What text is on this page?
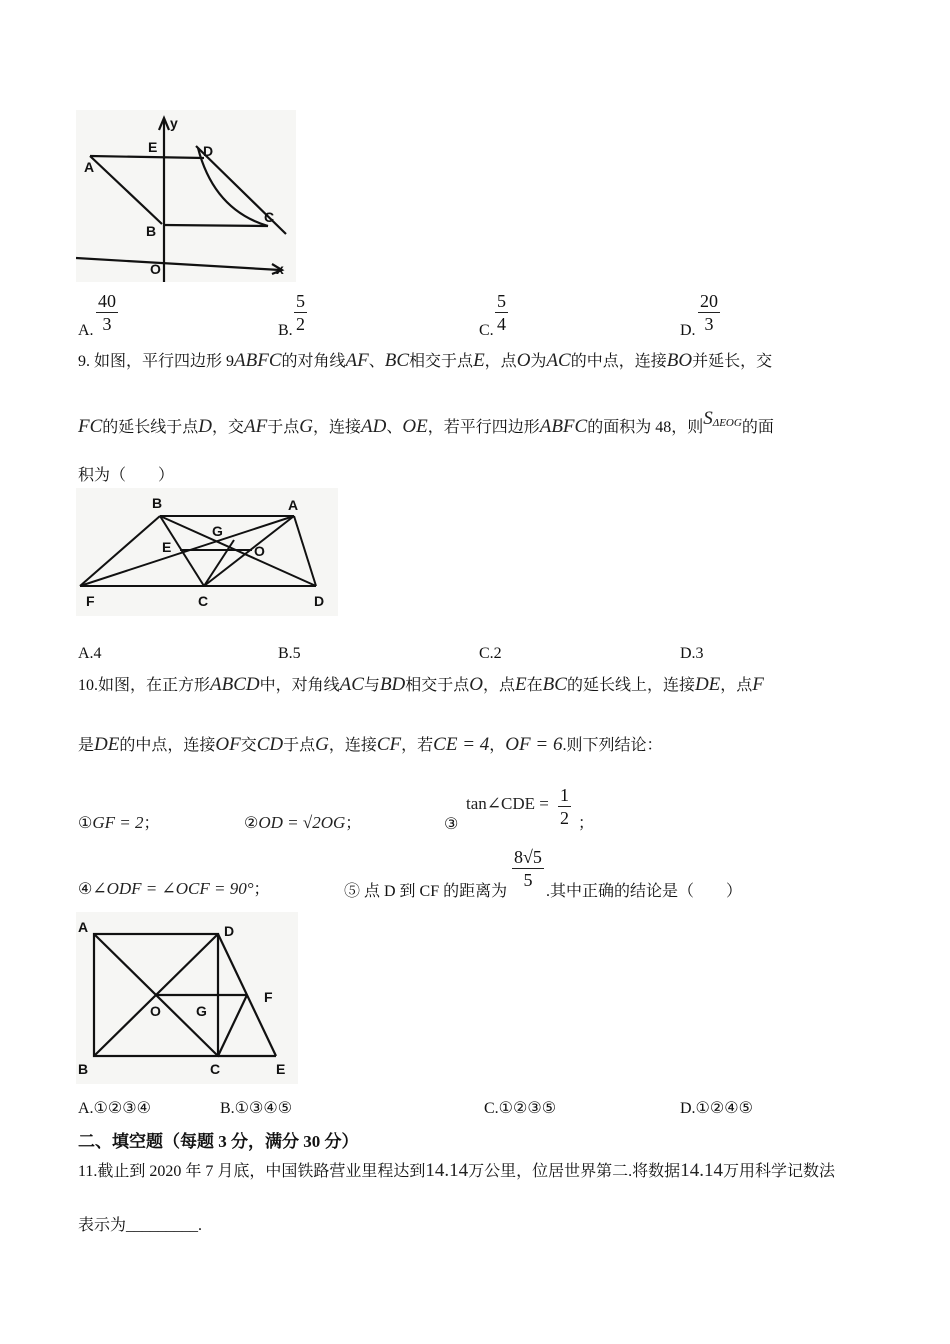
y
x
O
A
B
C
D
E
A. $\frac{40}{3}$	B. $\frac{5}{2}$	C. $\frac{5}{4}$	D. $\frac{20}{3}$
9. 如图，平行四边形 9ABFC的对角线AF、BC相交于点E，点O为AC的中点，连接BO并延长，交
FC的延长线于点D，交AF于点G，连接AD、OE，若平行四边形ABFC的面积为 48，则$S^{\Delta EOG}$的面
积为（　　）
B	A
G
E	O
F	C	D
A.4	B.5	C.2	D.3
10.如图，在正方形ABCD中，对角线AC与BD相交于点O，点E在BC的延长线上，连接DE，点F
是DE的中点，连接OF交CD于点G，连接CF，若CE = 4，OF = 6.则下列结论：
①GF = 2；	②OD = √2OG；	③
tan∠CDE = $\frac{1}{2}$ ；
④∠ODF = ∠OCF = 90°；	⑤ 点 D 到 CF 的距离为
$\frac{8√5}{5}$
.其中正确的结论是（　　）
A	D
O	G
F
B	C	E
A.①②③④	B.①③④⑤	C.①②③⑤	D.①②④⑤
二、填空题（每题 3 分，满分 30 分）
11.截止到 2020 年 7 月底，中国铁路营业里程达到14.14万公里，位居世界第二.将数据14.14万用科学记数法
表示为_________.
